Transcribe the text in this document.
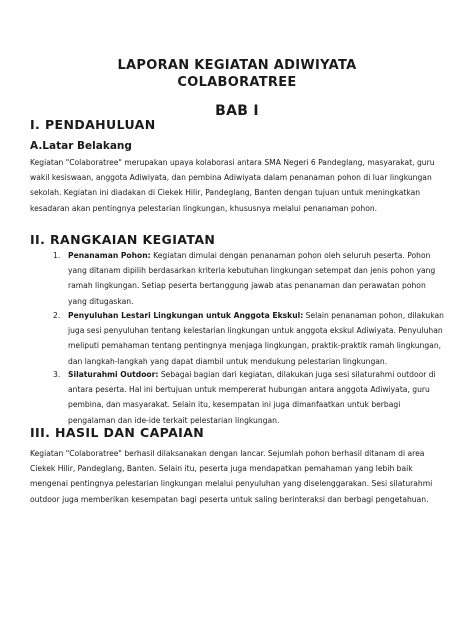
LAPORAN KEGIATAN ADIWIYATA
COLABORATREE
BAB I
I. PENDAHULUAN
A.Latar Belakang

Kegiatan "Colaboratree" merupakan upaya kolaborasi antara SMA Negeri 6 Pandeglang, masyarakat, guru wakil kesiswaan, anggota Adiwiyata, dan pembina Adiwiyata dalam penanaman pohon di luar lingkungan sekolah. Kegiatan ini diadakan di Ciekek Hilir, Pandeglang, Banten dengan tujuan untuk meningkatkan kesadaran akan pentingnya pelestarian lingkungan, khususnya melalui penanaman pohon.

II. RANGKAIAN KEGIATAN
1. Penanaman Pohon: Kegiatan dimulai dengan penanaman pohon oleh seluruh peserta. Pohon yang ditanam dipilih berdasarkan kriteria kebutuhan lingkungan setempat dan jenis pohon yang ramah lingkungan. Setiap peserta bertanggung jawab atas penanaman dan perawatan pohon yang ditugaskan.
2. Penyuluhan Lestari Lingkungan untuk Anggota Ekskul: Selain penanaman pohon, dilakukan juga sesi penyuluhan tentang kelestarian lingkungan untuk anggota ekskul Adiwiyata. Penyuluhan meliputi pemahaman tentang pentingnya menjaga lingkungan, praktik-praktik ramah lingkungan, dan langkah-langkah yang dapat diambil untuk mendukung pelestarian lingkungan.
3. Silaturahmi Outdoor: Sebagai bagian dari kegiatan, dilakukan juga sesi silaturahmi outdoor di antara peserta. Hal ini bertujuan untuk mempererat hubungan antara anggota Adiwiyata, guru pembina, dan masyarakat. Selain itu, kesempatan ini juga dimanfaatkan untuk berbagi pengalaman dan ide-ide terkait pelestarian lingkungan.
III. HASIL DAN CAPAIAN

Kegiatan "Colaboratree" berhasil dilaksanakan dengan lancar. Sejumlah pohon berhasil ditanam di area Ciekek Hilir, Pandeglang, Banten. Selain itu, peserta juga mendapatkan pemahaman yang lebih baik mengenai pentingnya pelestarian lingkungan melalui penyuluhan yang diselenggarakan. Sesi silaturahmi outdoor juga memberikan kesempatan bagi peserta untuk saling berinteraksi dan berbagi pengetahuan.
